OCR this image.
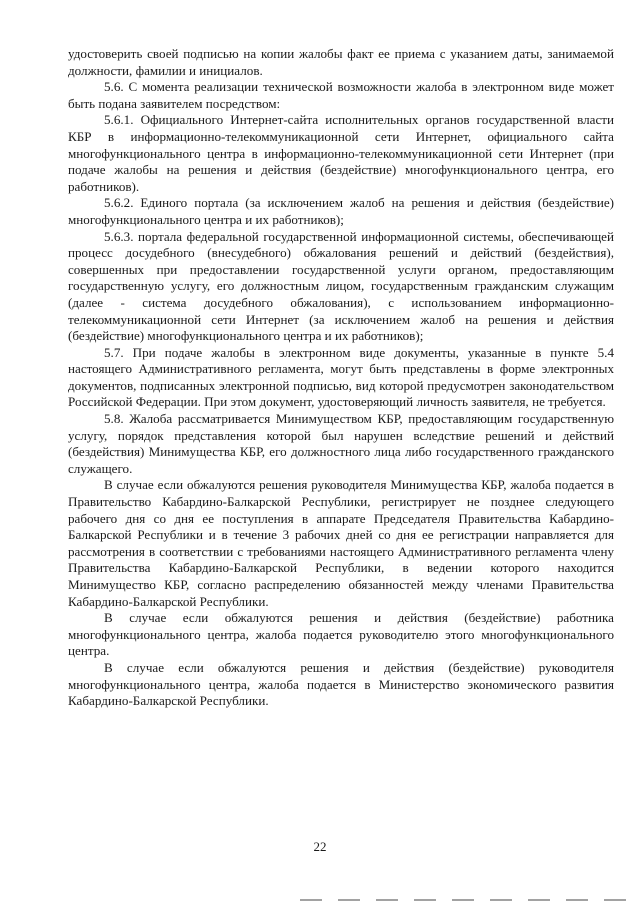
удостоверить своей подписью на копии жалобы факт ее приема с указанием даты, занимаемой должности, фамилии и инициалов.

5.6. С момента реализации технической возможности жалоба в электронном виде может быть подана заявителем посредством:

5.6.1. Официального Интернет-сайта исполнительных органов государственной власти КБР в информационно-телекоммуникационной сети Интернет, официального сайта многофункционального центра в информационно-телекоммуникационной сети Интернет (при подаче жалобы на решения и действия (бездействие) многофункционального центра, его работников).

5.6.2. Единого портала (за исключением жалоб на решения и действия (бездействие) многофункционального центра и их работников);

5.6.3. портала федеральной государственной информационной системы, обеспечивающей процесс досудебного (внесудебного) обжалования решений и действий (бездействия), совершенных при предоставлении государственной услуги органом, предоставляющим государственную услугу, его должностным лицом, государственным гражданским служащим (далее - система досудебного обжалования), с использованием информационно-телекоммуникационной сети Интернет (за исключением жалоб на решения и действия (бездействие) многофункционального центра и их работников);

5.7. При подаче жалобы в электронном виде документы, указанные в пункте 5.4 настоящего Административного регламента, могут быть представлены в форме электронных документов, подписанных электронной подписью, вид которой предусмотрен законодательством Российской Федерации. При этом документ, удостоверяющий личность заявителя, не требуется.

5.8. Жалоба рассматривается Минимуществом КБР, предоставляющим государственную услугу, порядок представления которой был нарушен вследствие решений и действий (бездействия) Минимущества КБР, его должностного лица либо государственного гражданского служащего.

В случае если обжалуются решения руководителя Минимущества КБР, жалоба подается в Правительство Кабардино-Балкарской Республики, регистрирует не позднее следующего рабочего дня со дня ее поступления в аппарате Председателя Правительства Кабардино-Балкарской Республики и в течение 3 рабочих дней со дня ее регистрации направляется для рассмотрения в соответствии с требованиями настоящего Административного регламента члену Правительства Кабардино-Балкарской Республики, в ведении которого находится Минимущество КБР, согласно распределению обязанностей между членами Правительства Кабардино-Балкарской Республики.

В случае если обжалуются решения и действия (бездействие) работника многофункционального центра, жалоба подается руководителю этого многофункционального центра.

В случае если обжалуются решения и действия (бездействие) руководителя многофункционального центра, жалоба подается в Министерство экономического развития Кабардино-Балкарской Республики.

22
